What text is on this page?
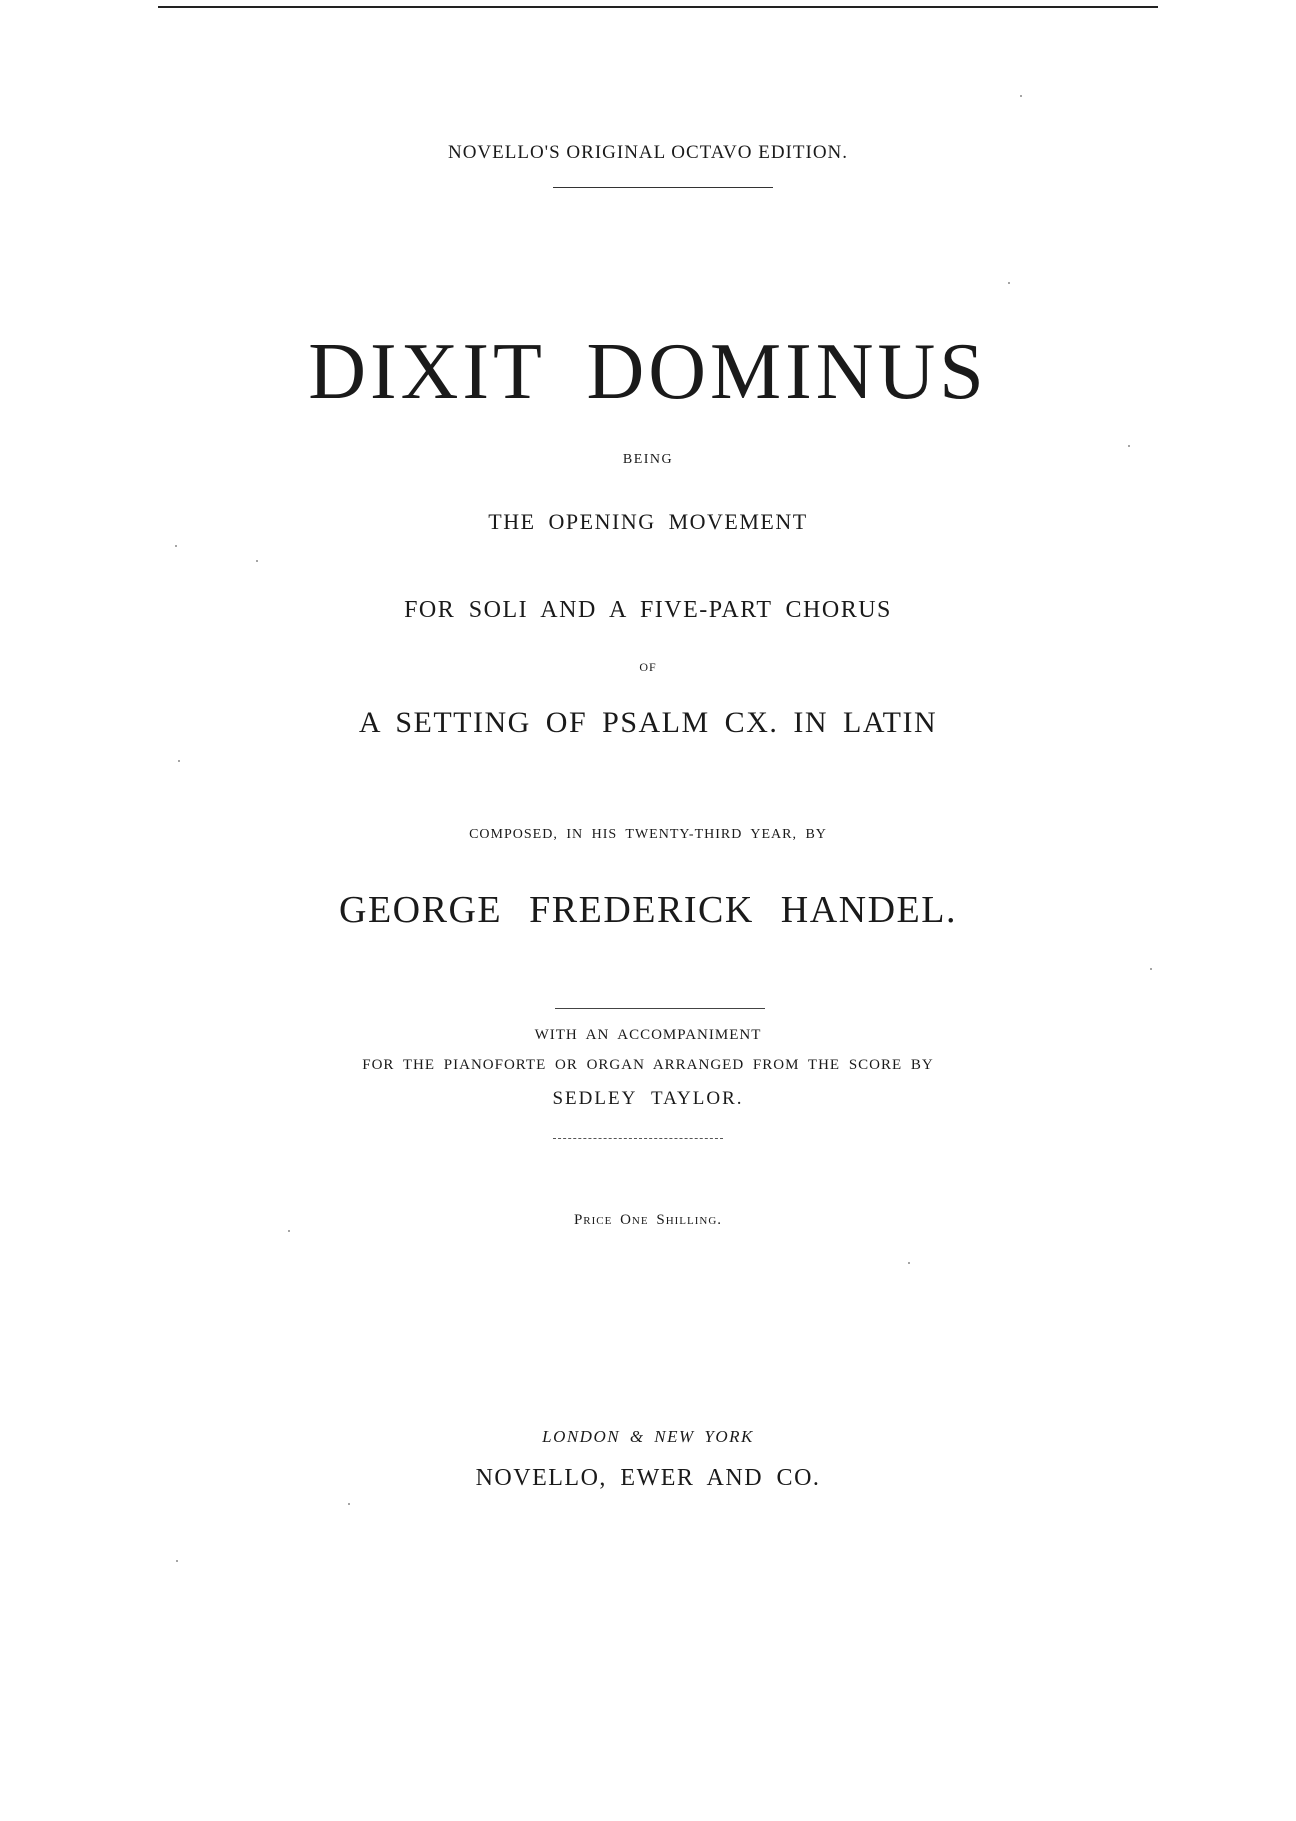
NOVELLO'S ORIGINAL OCTAVO EDITION.
DIXIT DOMINUS
BEING
THE OPENING MOVEMENT
FOR SOLI AND A FIVE-PART CHORUS
OF
A SETTING OF PSALM CX. IN LATIN
COMPOSED, IN HIS TWENTY-THIRD YEAR, BY
GEORGE FREDERICK HANDEL.
WITH AN ACCOMPANIMENT
FOR THE PIANOFORTE OR ORGAN ARRANGED FROM THE SCORE BY
SEDLEY TAYLOR.
Price One Shilling.
LONDON & NEW YORK
NOVELLO, EWER AND CO.
